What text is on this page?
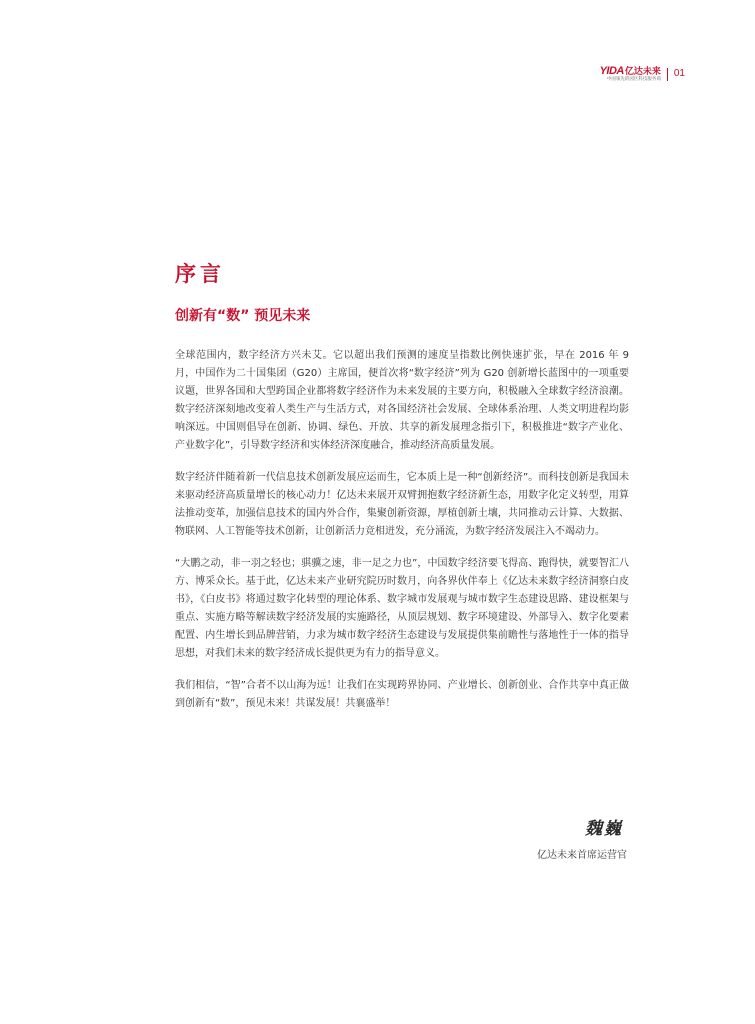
YIDA 亿达未来
中国领先的园区科技服务商
01
序言
创新有“数” 预见未来

全球范围内，数字经济方兴未艾。它以超出我们预测的速度呈指数比例快速扩张，早在 2016 年 9 月，中国作为二十国集团（G20）主席国，便首次将“数字经济”列为 G20 创新增长蓝图中的一项重要议题，世界各国和大型跨国企业都将数字经济作为未来发展的主要方向，积极融入全球数字经济浪潮。数字经济深刻地改变着人类生产与生活方式，对各国经济社会发展、全球体系治理、人类文明进程均影响深远。中国则倡导在创新、协调、绿色、开放、共享的新发展理念指引下，积极推进“数字产业化、产业数字化”，引导数字经济和实体经济深度融合，推动经济高质量发展。

数字经济伴随着新一代信息技术创新发展应运而生，它本质上是一种“创新经济”。而科技创新是我国未来驱动经济高质量增长的核心动力！亿达未来展开双臂拥抱数字经济新生态，用数字化定义转型，用算法推动变革，加强信息技术的国内外合作，集聚创新资源，厚植创新土壤，共同推动云计算、大数据、物联网、人工智能等技术创新，让创新活力竞相迸发，充分涌流，为数字经济发展注入不竭动力。

“大鹏之动，非一羽之轻也；骐骥之速，非一足之力也”，中国数字经济要飞得高、跑得快，就要智汇八方、博采众长。基于此，亿达未来产业研究院历时数月，向各界伙伴奉上《亿达未来数字经济洞察白皮书》，《白皮书》将通过数字化转型的理论体系、数字城市发展观与城市数字生态建设思路、建设框架与重点、实施方略等解读数字经济发展的实施路径，从顶层规划、数字环境建设、外部导入、数字化要素配置、内生增长到品牌营销，力求为城市数字经济生态建设与发展提供集前瞻性与落地性于一体的指导思想，对我们未来的数字经济成长提供更为有力的指导意义。

我们相信，“智”合者不以山海为远！让我们在实现跨界协同、产业增长、创新创业、合作共享中真正做到创新有“数”，预见未来！共谋发展！共襄盛举！

魏巍
亿达未来首席运营官
